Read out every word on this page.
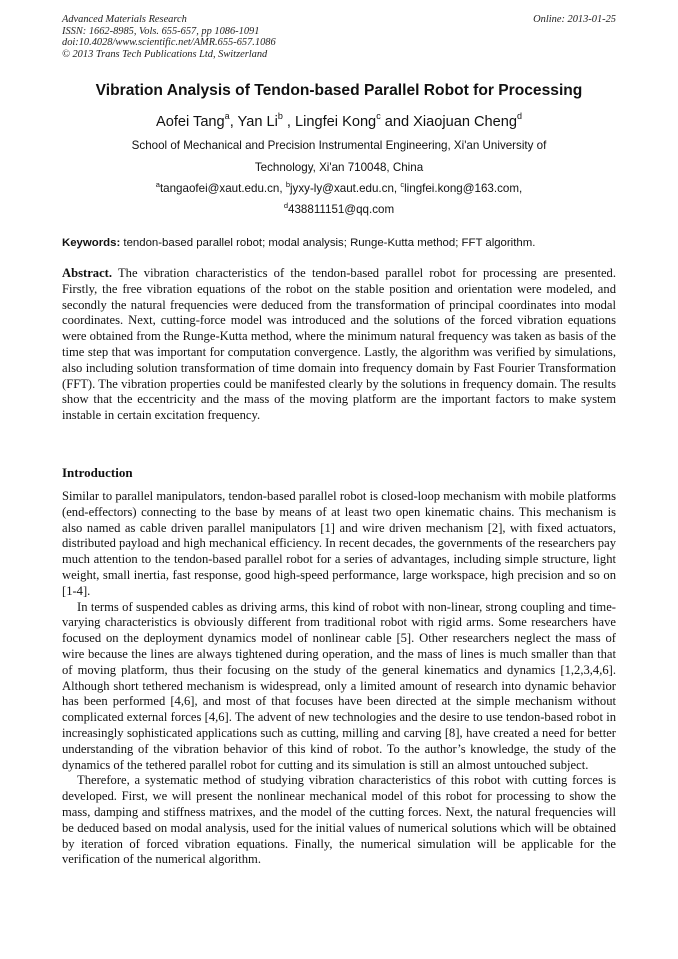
Advanced Materials Research
ISSN: 1662-8985, Vols. 655-657, pp 1086-1091
doi:10.4028/www.scientific.net/AMR.655-657.1086
© 2013 Trans Tech Publications Ltd, Switzerland
Online: 2013-01-25
Vibration Analysis of Tendon-based Parallel Robot for Processing
Aofei Tang$^a$, Yan Li$^b$ , Lingfei Kong$^c$ and Xiaojuan Cheng$^d$
School of Mechanical and Precision Instrumental Engineering, Xi'an University of
Technology, Xi'an 710048, China
$^a$tangaofei@xaut.edu.cn, $^b$jyxy-ly@xaut.edu.cn, $^c$lingfei.kong@163.com,
$^d$438811151@qq.com
Keywords: tendon-based parallel robot; modal analysis; Runge-Kutta method; FFT algorithm.
Abstract. The vibration characteristics of the tendon-based parallel robot for processing are presented. Firstly, the free vibration equations of the robot on the stable position and orientation were modeled, and secondly the natural frequencies were deduced from the transformation of principal coordinates into modal coordinates. Next, cutting-force model was introduced and the solutions of the forced vibration equations were obtained from the Runge-Kutta method, where the minimum natural frequency was taken as basis of the time step that was important for computation convergence. Lastly, the algorithm was verified by simulations, also including solution transformation of time domain into frequency domain by Fast Fourier Transformation (FFT). The vibration properties could be manifested clearly by the solutions in frequency domain. The results show that the eccentricity and the mass of the moving platform are the important factors to make system instable in certain excitation frequency.
Introduction

Similar to parallel manipulators, tendon-based parallel robot is closed-loop mechanism with mobile platforms (end-effectors) connecting to the base by means of at least two open kinematic chains. This mechanism is also named as cable driven parallel manipulators [1] and wire driven mechanism [2], with fixed actuators, distributed payload and high mechanical efficiency. In recent decades, the governments of the researchers pay much attention to the tendon-based parallel robot for a series of advantages, including simple structure, light weight, small inertia, fast response, good high-speed performance, large workspace, high precision and so on [1-4].

In terms of suspended cables as driving arms, this kind of robot with non-linear, strong coupling and time-varying characteristics is obviously different from traditional robot with rigid arms. Some researchers have focused on the deployment dynamics model of nonlinear cable [5]. Other researchers neglect the mass of wire because the lines are always tightened during operation, and the mass of lines is much smaller than that of moving platform, thus their focusing on the study of the general kinematics and dynamics [1,2,3,4,6]. Although short tethered mechanism is widespread, only a limited amount of research into dynamic behavior has been performed [4,6], and most of that focuses have been directed at the simple mechanism without complicated external forces [4,6]. The advent of new technologies and the desire to use tendon-based robot in increasingly sophisticated applications such as cutting, milling and carving [8], have created a need for better understanding of the vibration behavior of this kind of robot. To the author’s knowledge, the study of the dynamics of the tethered parallel robot for cutting and its simulation is still an almost untouched subject.

Therefore, a systematic method of studying vibration characteristics of this robot with cutting forces is developed. First, we will present the nonlinear mechanical model of this robot for processing to show the mass, damping and stiffness matrixes, and the model of the cutting forces. Next, the natural frequencies will be deduced based on modal analysis, used for the initial values of numerical solutions which will be obtained by iteration of forced vibration equations. Finally, the numerical simulation will be applicable for the verification of the numerical algorithm.
